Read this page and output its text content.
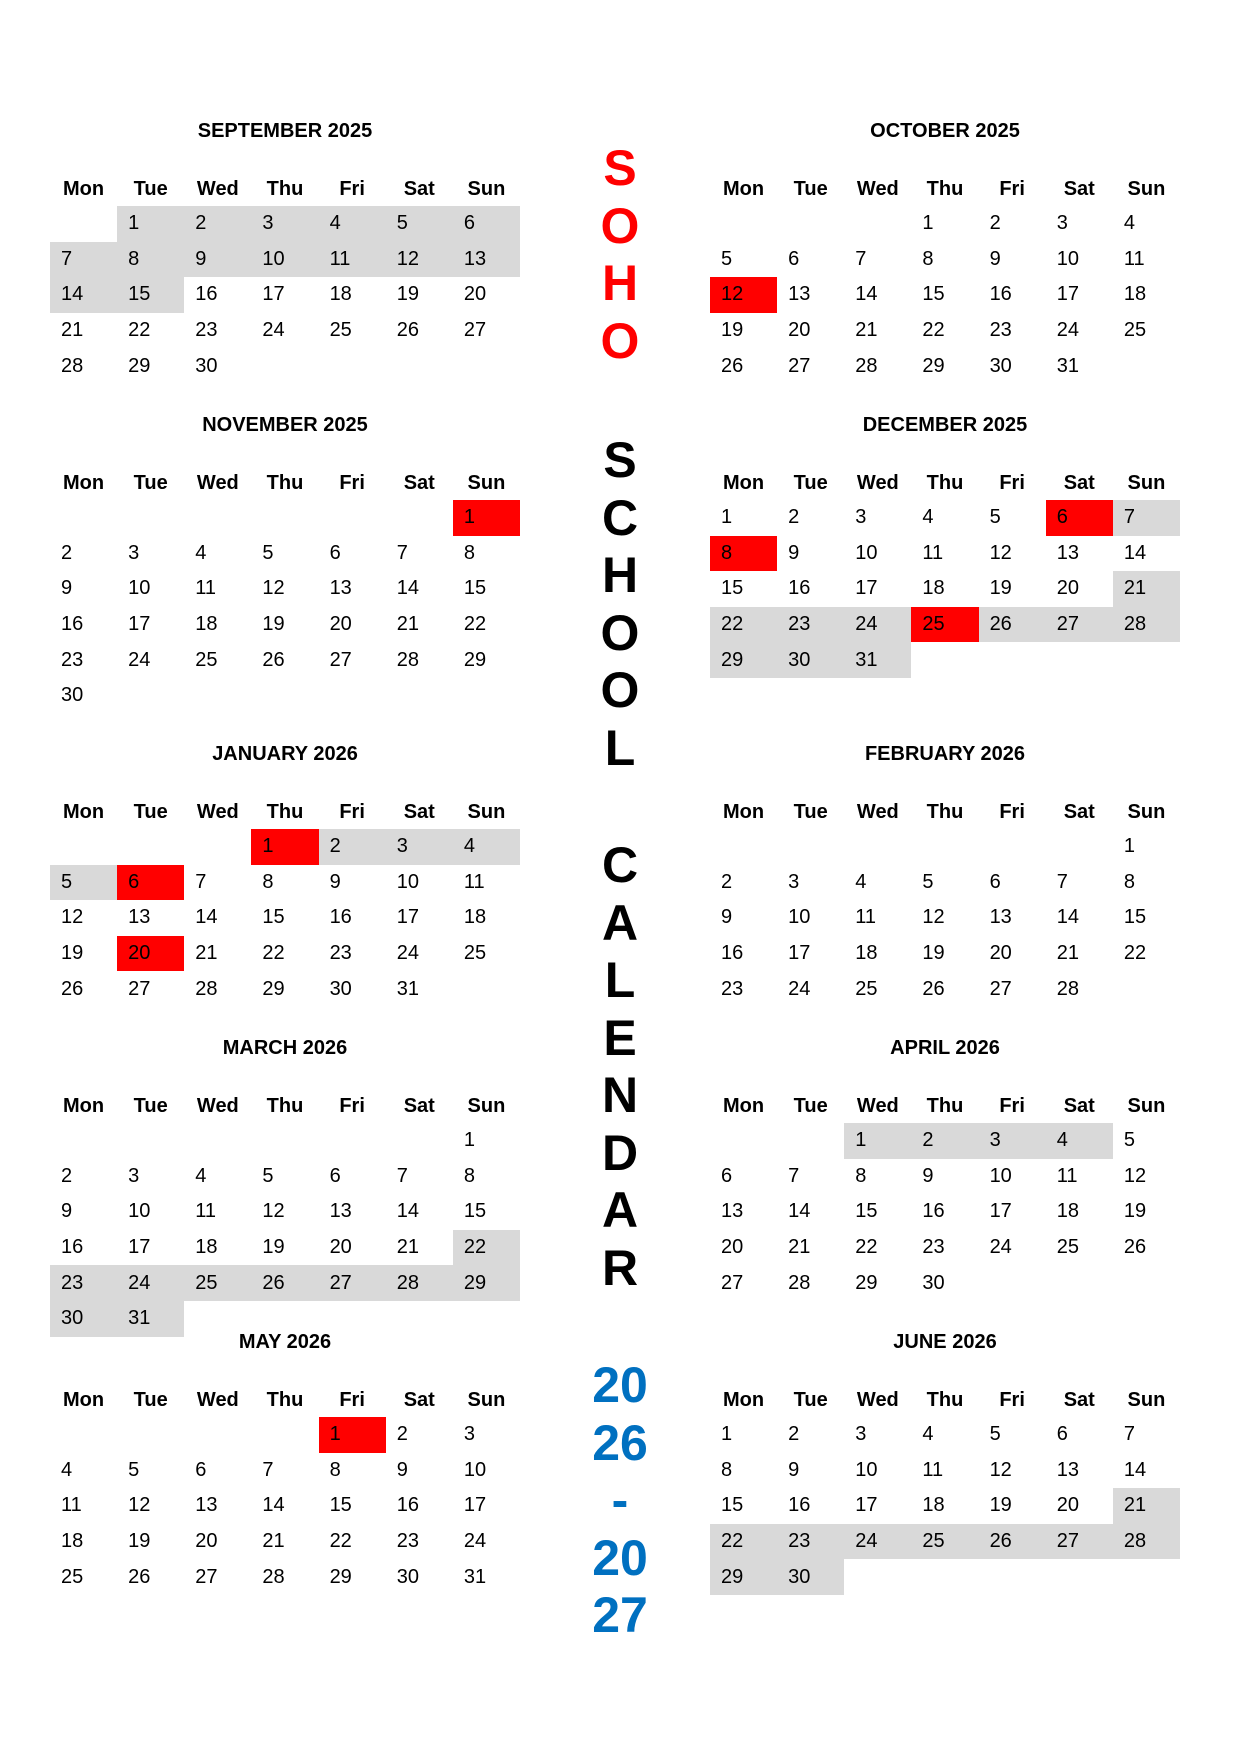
SEPTEMBER 2025
Mon	Tue	Wed	Thu	Fri	Sat	Sun
	1	2	3	4	5	6
7	8	9	10	11	12	13
14	15	16	17	18	19	20
21	22	23	24	25	26	27
28	29	30				
OCTOBER 2025
Mon	Tue	Wed	Thu	Fri	Sat	Sun
			1	2	3	4
5	6	7	8	9	10	11
12	13	14	15	16	17	18
19	20	21	22	23	24	25
26	27	28	29	30	31	
NOVEMBER 2025
Mon	Tue	Wed	Thu	Fri	Sat	Sun
						1
2	3	4	5	6	7	8
9	10	11	12	13	14	15
16	17	18	19	20	21	22
23	24	25	26	27	28	29
30						
DECEMBER 2025
Mon	Tue	Wed	Thu	Fri	Sat	Sun
1	2	3	4	5	6	7
8	9	10	11	12	13	14
15	16	17	18	19	20	21
22	23	24	25	26	27	28
29	30	31				
JANUARY 2026
Mon	Tue	Wed	Thu	Fri	Sat	Sun
			1	2	3	4
5	6	7	8	9	10	11
12	13	14	15	16	17	18
19	20	21	22	23	24	25
26	27	28	29	30	31	
FEBRUARY 2026
Mon	Tue	Wed	Thu	Fri	Sat	Sun
						1
2	3	4	5	6	7	8
9	10	11	12	13	14	15
16	17	18	19	20	21	22
23	24	25	26	27	28	
MARCH 2026
Mon	Tue	Wed	Thu	Fri	Sat	Sun
						1
2	3	4	5	6	7	8
9	10	11	12	13	14	15
16	17	18	19	20	21	22
23	24	25	26	27	28	29
30	31					
APRIL 2026
Mon	Tue	Wed	Thu	Fri	Sat	Sun
		1	2	3	4	5
6	7	8	9	10	11	12
13	14	15	16	17	18	19
20	21	22	23	24	25	26
27	28	29	30			
MAY 2026
Mon	Tue	Wed	Thu	Fri	Sat	Sun
				1	2	3
4	5	6	7	8	9	10
11	12	13	14	15	16	17
18	19	20	21	22	23	24
25	26	27	28	29	30	31
JUNE 2026
Mon	Tue	Wed	Thu	Fri	Sat	Sun
1	2	3	4	5	6	7
8	9	10	11	12	13	14
15	16	17	18	19	20	21
22	23	24	25	26	27	28
29	30					
S
O
H
O
S
C
H
O
O
L
C
A
L
E
N
D
A
R
20
26
-
20
27
